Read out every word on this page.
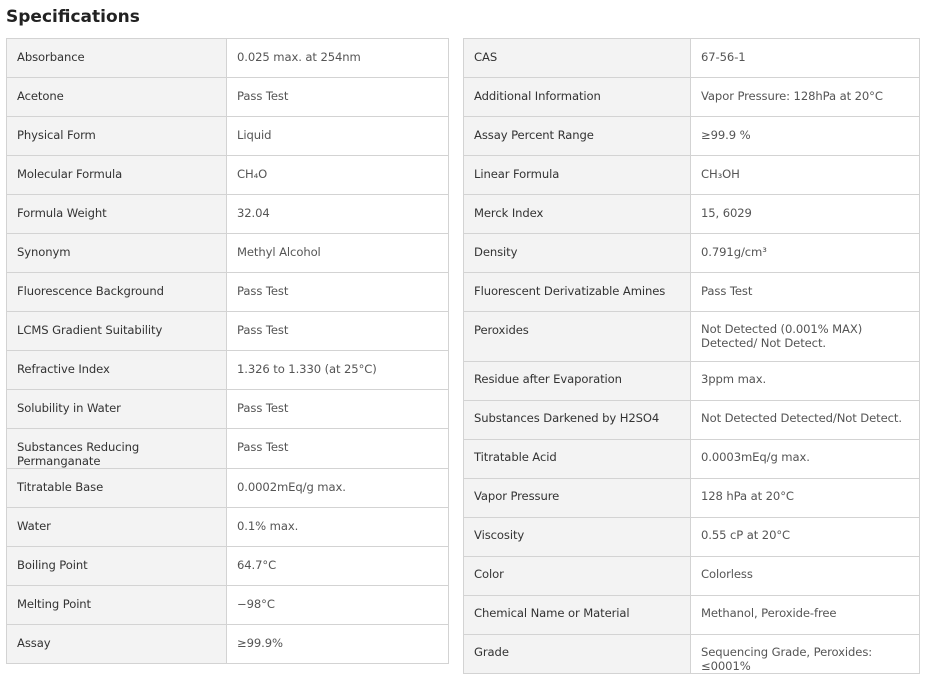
Specifications
Absorbance	0.025 max. at 254nm
Acetone	Pass Test
Physical Form	Liquid
Molecular Formula	CH₄O
Formula Weight	32.04
Synonym	Methyl Alcohol
Fluorescence Background	Pass Test
LCMS Gradient Suitability	Pass Test
Refractive Index	1.326 to 1.330 (at 25°C)
Solubility in Water	Pass Test
Substances Reducing Permanganate	Pass Test
Titratable Base	0.0002mEq/g max.
Water	0.1% max.
Boiling Point	64.7°C
Melting Point	−98°C
Assay	≥99.9%
CAS	67-56-1
Additional Information	Vapor Pressure: 128hPa at 20°C
Assay Percent Range	≥99.9 %
Linear Formula	CH₃OH
Merck Index	15, 6029
Density	0.791g/cm³
Fluorescent Derivatizable Amines	Pass Test
Peroxides	Not Detected (0.001% MAX) Detected/ Not Detect.
Residue after Evaporation	3ppm max.
Substances Darkened by H2SO4	Not Detected Detected/Not Detect.
Titratable Acid	0.0003mEq/g max.
Vapor Pressure	128 hPa at 20°C
Viscosity	0.55 cP at 20°C
Color	Colorless
Chemical Name or Material	Methanol, Peroxide-free
Grade	Sequencing Grade, Peroxides: ≤0001%
